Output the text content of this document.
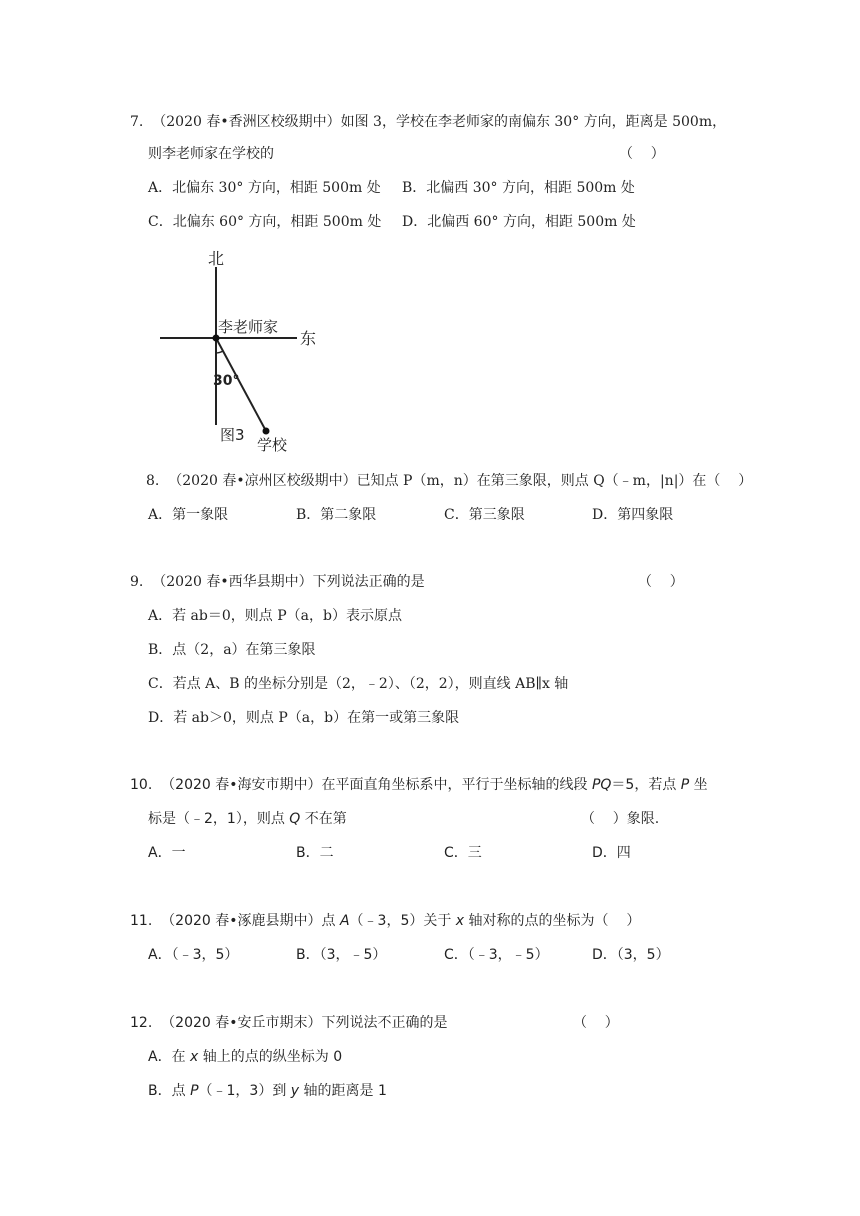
7.  （2020 春•香洲区校级期中）如图 3，学校在李老师家的南偏东 30° 方向，距离是 500m，
则李老师家在学校的	（    ）
A．北偏东 30° 方向，相距 500m 处 B．北偏西 30° 方向，相距 500m 处
C．北偏东 60° 方向，相距 500m 处 D．北偏西 60° 方向，相距 500m 处
北
东
李老师家
30°
图3
学校
8.  （2020 春•凉州区校级期中）已知点 P（m，n）在第三象限，则点 Q（﹣m，|n|）在（    ）
A．第一象限	B．第二象限	C．第三象限	D．第四象限
9.  （2020 春•西华县期中）下列说法正确的是	（    ）
A．若 ab＝0，则点 P（a，b）表示原点
B．点（2，a）在第三象限
C．若点 A、B 的坐标分别是（2，﹣2）、（2，2），则直线 AB∥x 轴
D．若 ab＞0，则点 P（a，b）在第一或第三象限
10.  （2020 春•海安市期中）在平面直角坐标系中，平行于坐标轴的线段 PQ＝5，若点 P 坐
标是（﹣2，1），则点 Q 不在第	（    ）象限.
A．一	B．二	C．三	D．四
11.  （2020 春•涿鹿县期中）点 A（﹣3，5）关于 x 轴对称的点的坐标为（    ）
A．（﹣3，5）	B．（3，﹣5）	C．（﹣3，﹣5）	D．（3，5）
12.  （2020 春•安丘市期末）下列说法不正确的是	（    ）
A．在 x 轴上的点的纵坐标为 0
B．点 P（﹣1，3）到 y 轴的距离是 1
